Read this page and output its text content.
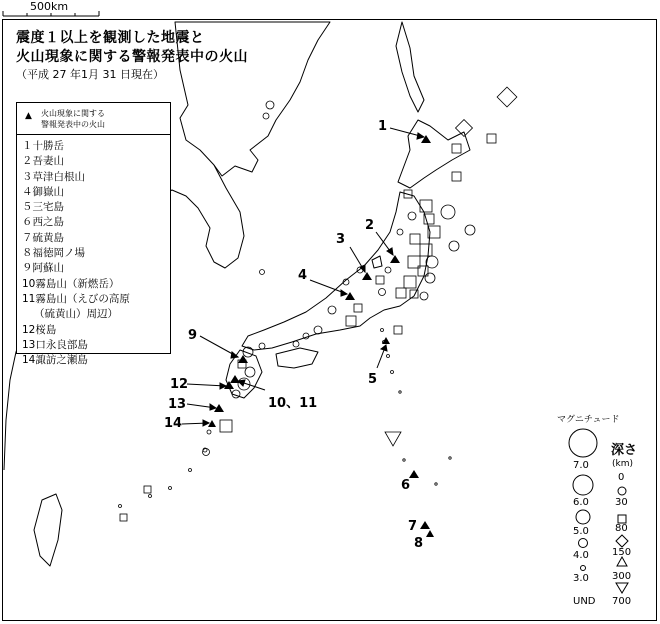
500km
震度１以上を観測した地震と
火山現象に関する警報発表中の火山
（平成 27 年1月 31 日現在）
▲ 火山現象に関する
警報発表中の火山
１十勝岳
２吾妻山
３草津白根山
４御嶽山
５三宅島
６西之島
７硫黄島
８福徳岡ノ場
９阿蘇山
10霧島山（新燃岳）
11霧島山（えびの高原
（硫黄山）周辺）
12桜島
13口永良部島
14諏訪之瀬島
1
2
3
4
5
6
7
8
9
10、11
12
13
14	マグニチュード
7.0
6.0
5.0
4.0
3.0
深さ
(km)
0
30
80
150
300
700
UND
